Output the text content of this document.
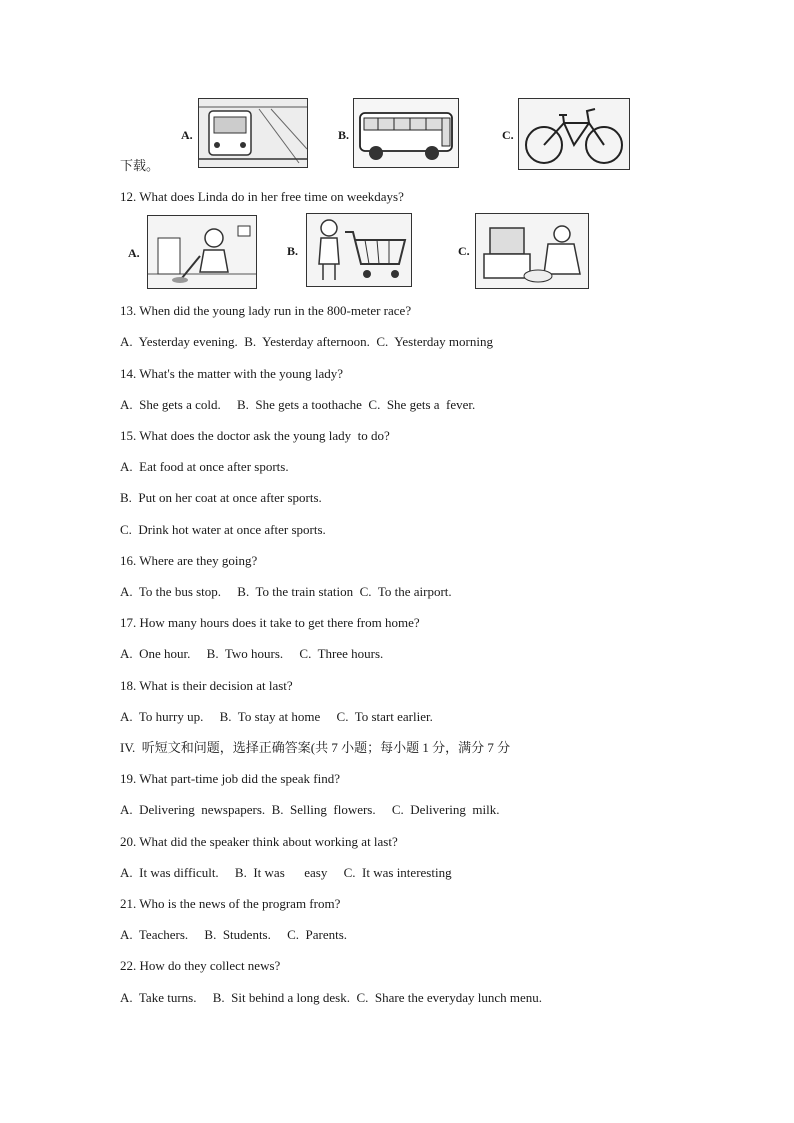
A.	B.	C.
下载。
12. What does Linda do in her free time on weekdays?
A.	B.	C.
13. When did the young lady run in the 800-meter race?
A.  Yesterday evening.  B.  Yesterday afternoon.  C.  Yesterday morning
14. What's the matter with the young lady?
A.  She gets a cold.     B.  She gets a toothache  C.  She gets a  fever.
15. What does the doctor ask the young lady  to do?
A.  Eat food at once after sports.
B.  Put on her coat at once after sports.
C.  Drink hot water at once after sports.
16. Where are they going?
A.  To the bus stop.     B.  To the train station  C.  To the airport.
17. How many hours does it take to get there from home?
A.  One hour.     B.  Two hours.     C.  Three hours.
18. What is their decision at last?
A.  To hurry up.     B.  To stay at home     C.  To start earlier.
IV.  听短文和问题，选择正确答案(共 7 小题；每小题 1 分，满分 7 分
19. What part-time job did the speak find?
A.  Delivering  newspapers.  B.  Selling  flowers.     C.  Delivering  milk.
20. What did the speaker think about working at last?
A.  It was difficult.     B.  It was      easy     C.  It was interesting
21. Who is the news of the program from?
A.  Teachers.     B.  Students.     C.  Parents.
22. How do they collect news?
A.  Take turns.     B.  Sit behind a long desk.  C.  Share the everyday lunch menu.
